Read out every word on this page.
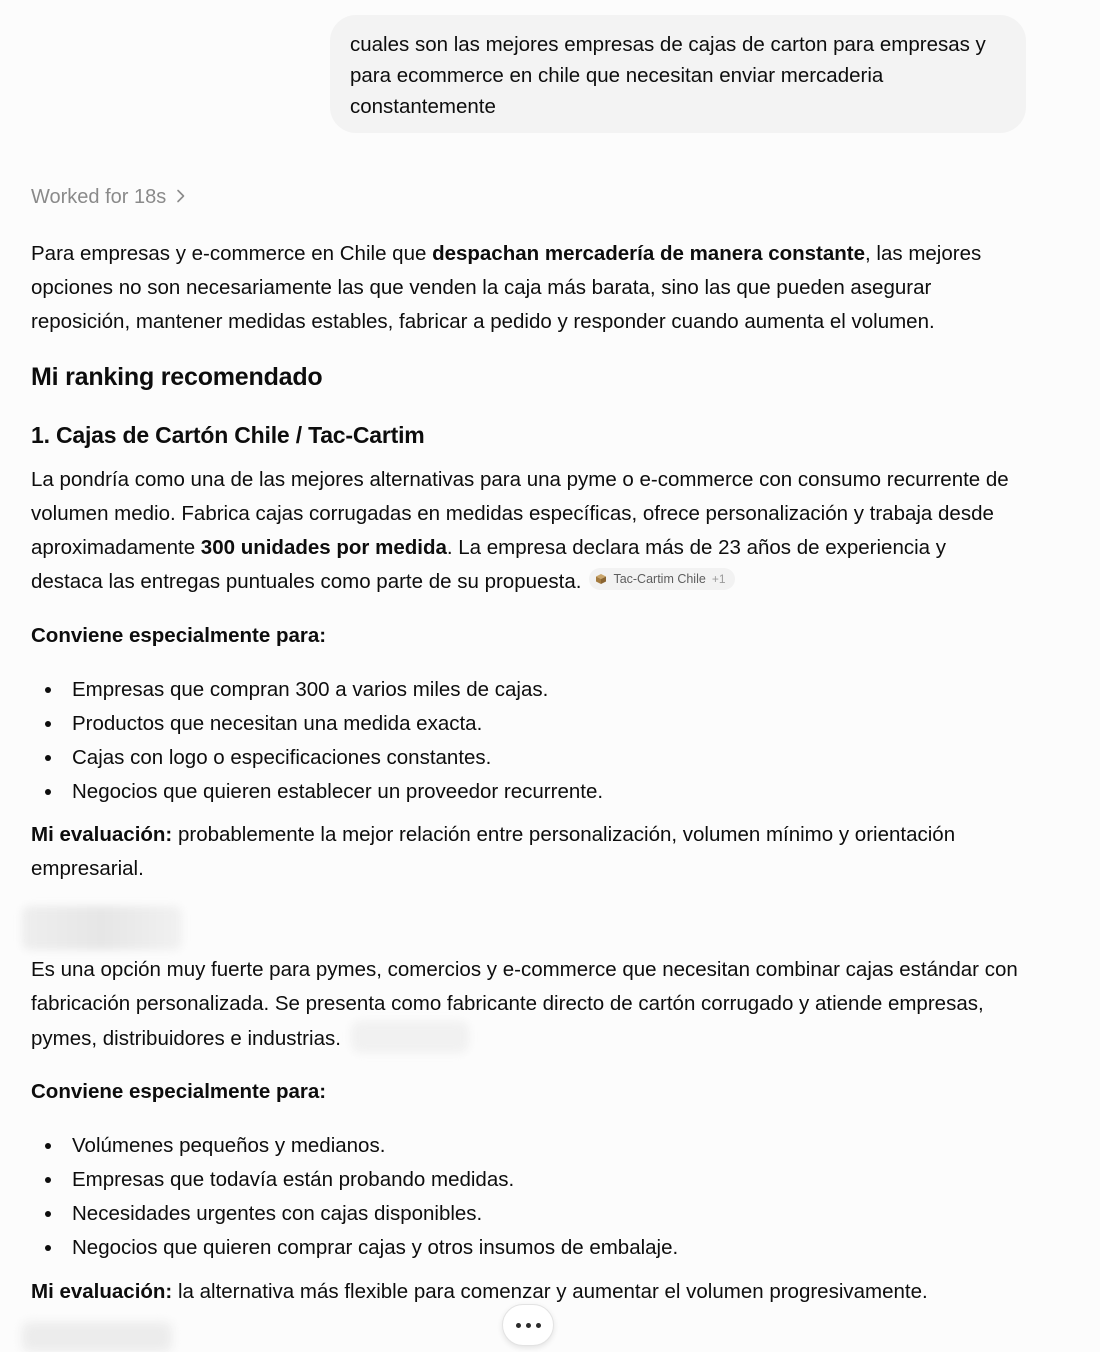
cuales son las mejores empresas de cajas de carton para empresas y para ecommerce en chile que necesitan enviar mercaderia constantemente
Worked for 18s

Para empresas y e-commerce en Chile que despachan mercadería de manera constante, las mejores opciones no son necesariamente las que venden la caja más barata, sino las que pueden asegurar reposición, mantener medidas estables, fabricar a pedido y responder cuando aumenta el volumen.

Mi ranking recomendado
1. Cajas de Cartón Chile / Tac-Cartim

La pondría como una de las mejores alternativas para una pyme o e-commerce con consumo recurrente de volumen medio. Fabrica cajas corrugadas en medidas específicas, ofrece personalización y trabaja desde aproximadamente 300 unidades por medida. La empresa declara más de 23 años de experiencia y destaca las entregas puntuales como parte de su propuesta.	Tac-Cartim Chile +1

Conviene especialmente para:
Empresas que compran 300 a varios miles de cajas.
Productos que necesitan una medida exacta.
Cajas con logo o especificaciones constantes.
Negocios que quieren establecer un proveedor recurrente.

Mi evaluación: probablemente la mejor relación entre personalización, volumen mínimo y orientación empresarial.

Es una opción muy fuerte para pymes, comercios y e-commerce que necesitan combinar cajas estándar con fabricación personalizada. Se presenta como fabricante directo de cartón corrugado y atiende empresas, pymes, distribuidores e industrias.

Conviene especialmente para:
Volúmenes pequeños y medianos.
Empresas que todavía están probando medidas.
Necesidades urgentes con cajas disponibles.
Negocios que quieren comprar cajas y otros insumos de embalaje.

Mi evaluación: la alternativa más flexible para comenzar y aumentar el volumen progresivamente.
